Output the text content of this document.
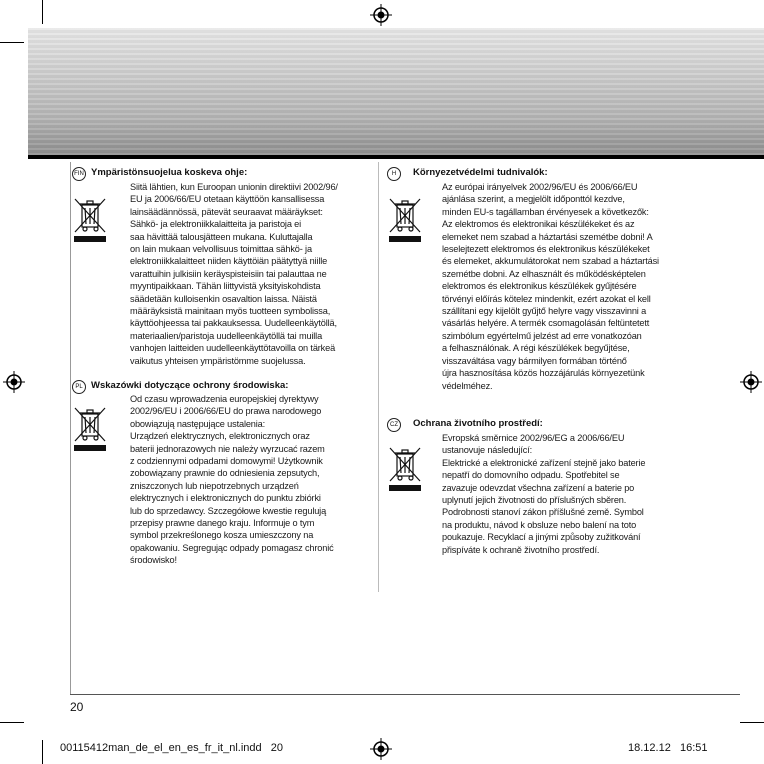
FIN Ympäristönsuojelua koskeva ohje:
Siitä lähtien, kun Euroopan unionin direktiivi 2002/96/
EU ja 2006/66/EU otetaan käyttöön kansallisessa
lainsäädännössä, pätevät seuraavat määräykset:
Sähkö- ja elektroniikkalaitteita ja paristoja ei
saa hävittää talousjätteen mukana. Kuluttajalla
on lain mukaan velvollisuus toimittaa sähkö- ja
elektroniikkalaitteet niiden käyttöiän päätyttyä niille
varattuihin julkisiin keräyspisteisiin tai palauttaa ne
myyntipaikkaan. Tähän liittyvistä yksityiskohdista
säädetään kulloisenkin osavaltion laissa. Näistä
määräyksistä mainitaan myös tuotteen symbolissa,
käyttöohjeessa tai pakkauksessa. Uudelleenkäytöllä,
materiaalien/paristoja uudelleenkäytöllä tai muilla
vanhojen laitteiden uudelleenkäyttötavoilla on tärkeä
vaikutus yhteisen ympäristömme suojelussa.
PL Wskazówki dotyczące ochrony środowiska:
Od czasu wprowadzenia europejskiej dyrektywy
2002/96/EU i 2006/66/EU do prawa narodowego
obowiązują następujące ustalenia:
Urządzeń elektrycznych, elektronicznych oraz
baterii jednorazowych nie należy wyrzucać razem
z codziennymi odpadami domowymi! Użytkownik
zobowiązany prawnie do odniesienia zepsutych,
zniszczonych lub niepotrzebnych urządzeń
elektrycznych i elektronicznych do punktu zbiórki
lub do sprzedawcy. Szczegółowe kwestie regulują
przepisy prawne danego kraju. Informuje o tym
symbol przekreślonego kosza umieszczony na
opakowaniu. Segregując odpady pomagasz chronić
środowisko!
H	Környezetvédelmi tudnivalók:
Az európai irányelvek 2002/96/EU és 2006/66/EU
ajánlása szerint, a megjelölt időponttól kezdve,
minden EU-s tagállamban érvényesek a következők:
Az elektromos és elektronikai készülékeket és az
elemeket nem szabad a háztartási szemétbe dobni! A
leselejtezett elektromos és elektronikus készülékeket
és elemeket, akkumulátorokat nem szabad a háztartási
szemétbe dobni. Az elhasznált és működésképtelen
elektromos és elektronikus készülékek gyűjtésére
törvényi előírás kötelez mindenkit, ezért azokat el kell
szállítani egy kijelölt gyűjtő helyre vagy visszavinni a
vásárlás helyére. A termék csomagolásán feltüntetett
szimbólum egyértelmű jelzést ad erre vonatkozóan
a felhasználónak. A régi készülékek begyűjtése,
visszaváltása vagy bármilyen formában történő
újra hasznosítása közös hozzájárulás környezetünk
védelméhez.
CZ	Ochrana životního prostředí:
Evropská směrnice 2002/96/EG a 2006/66/EU
ustanovuje následující:
Elektrické a elektronické zařízení stejně jako baterie
nepatří do domovního odpadu. Spotřebitel se
zavazuje odevzdat všechna zařízení a baterie po
uplynutí jejich životnosti do příslušných sběren.
Podrobnosti stanoví zákon příšlušné země. Symbol
na produktu, návod k obsluze nebo balení na toto
poukazuje. Recyklací a jinými způsoby zužitkování
přispíváte k ochraně životního prostředí.
20
00115412man_de_el_en_es_fr_it_nl.indd   20	18.12.12   16:51
